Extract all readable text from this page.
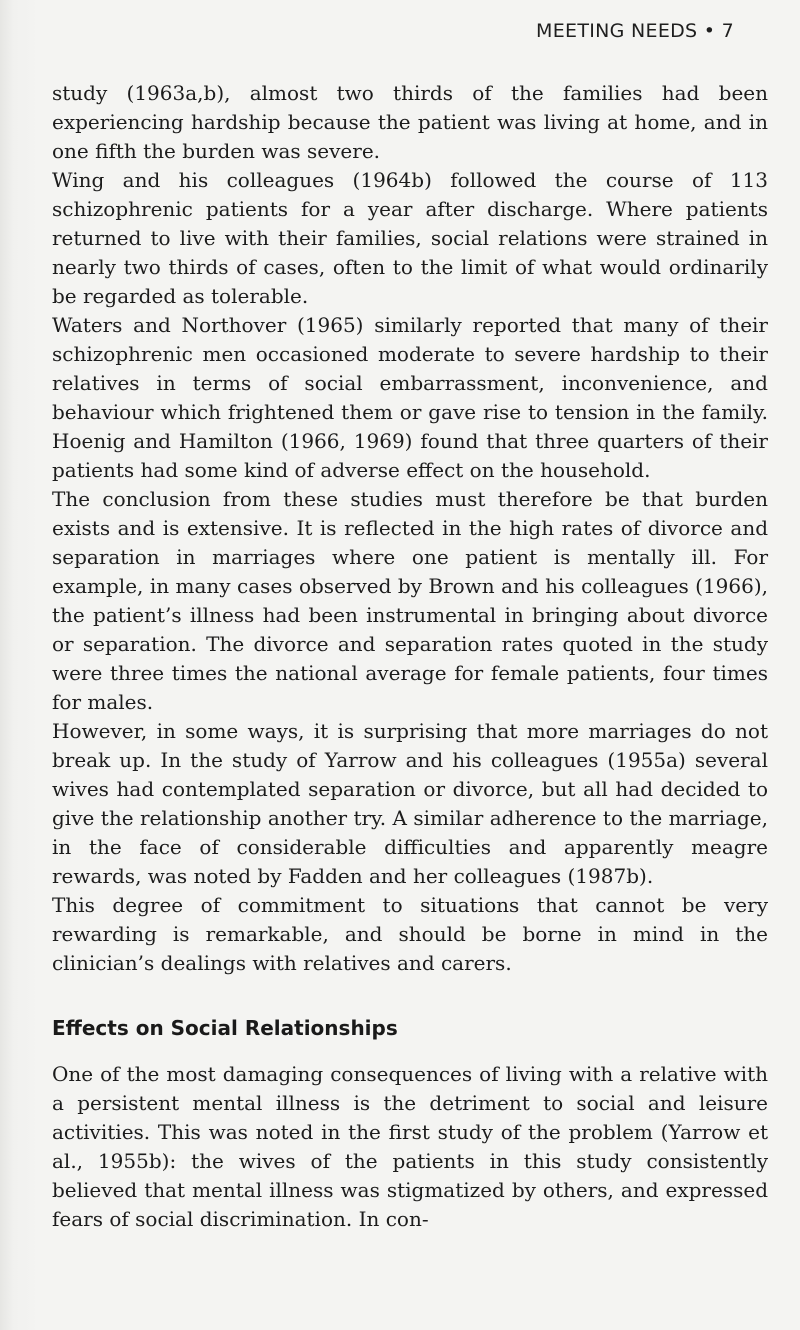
MEETING NEEDS • 7

study (1963a,b), almost two thirds of the families had been experiencing hardship because the patient was living at home, and in one fifth the burden was severe.

Wing and his colleagues (1964b) followed the course of 113 schizophrenic patients for a year after discharge. Where patients returned to live with their families, social relations were strained in nearly two thirds of cases, often to the limit of what would ordinarily be regarded as tolerable.

Waters and Northover (1965) similarly reported that many of their schizophrenic men occasioned moderate to severe hardship to their relatives in terms of social embarrassment, inconvenience, and behaviour which frightened them or gave rise to tension in the family. Hoenig and Hamilton (1966, 1969) found that three quarters of their patients had some kind of adverse effect on the household.

The conclusion from these studies must therefore be that burden exists and is extensive. It is reflected in the high rates of divorce and separation in marriages where one patient is mentally ill. For example, in many cases observed by Brown and his colleagues (1966), the patient’s illness had been instrumental in bringing about divorce or separation. The divorce and separation rates quoted in the study were three times the national average for female patients, four times for males.

However, in some ways, it is surprising that more marriages do not break up. In the study of Yarrow and his colleagues (1955a) several wives had contemplated separation or divorce, but all had decided to give the relationship another try. A similar adherence to the marriage, in the face of considerable difficulties and apparently meagre rewards, was noted by Fadden and her colleagues (1987b).

This degree of commitment to situations that cannot be very rewarding is remarkable, and should be borne in mind in the clinician’s dealings with relatives and carers.

Effects on Social Relationships

One of the most damaging consequences of living with a relative with a persistent mental illness is the detriment to social and leisure activities. This was noted in the first study of the problem (Yarrow et al., 1955b): the wives of the patients in this study consistently believed that mental illness was stigmatized by others, and expressed fears of social discrimination. In con-
